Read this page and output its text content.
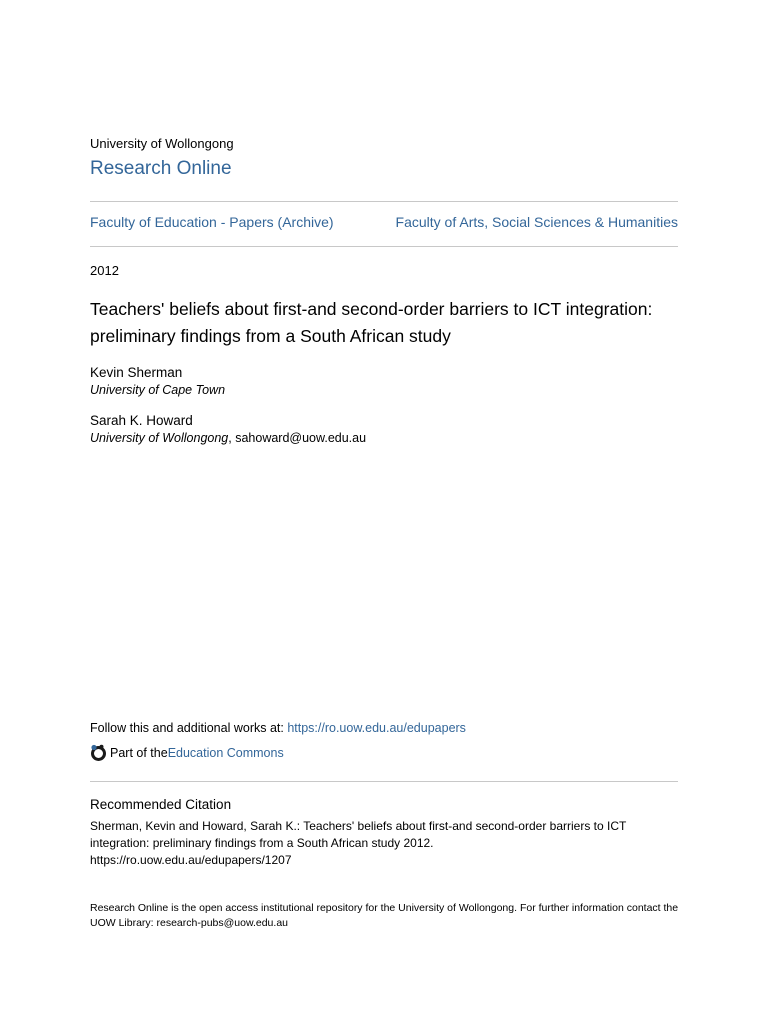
University of Wollongong
Research Online
Faculty of Education - Papers (Archive)	Faculty of Arts, Social Sciences & Humanities
2012
Teachers' beliefs about first-and second-order barriers to ICT integration: preliminary findings from a South African study
Kevin Sherman
University of Cape Town
Sarah K. Howard
University of Wollongong, sahoward@uow.edu.au
Follow this and additional works at: https://ro.uow.edu.au/edupapers
Part of the Education Commons
Recommended Citation
Sherman, Kevin and Howard, Sarah K.: Teachers' beliefs about first-and second-order barriers to ICT integration: preliminary findings from a South African study 2012.
https://ro.uow.edu.au/edupapers/1207
Research Online is the open access institutional repository for the University of Wollongong. For further information contact the UOW Library: research-pubs@uow.edu.au
